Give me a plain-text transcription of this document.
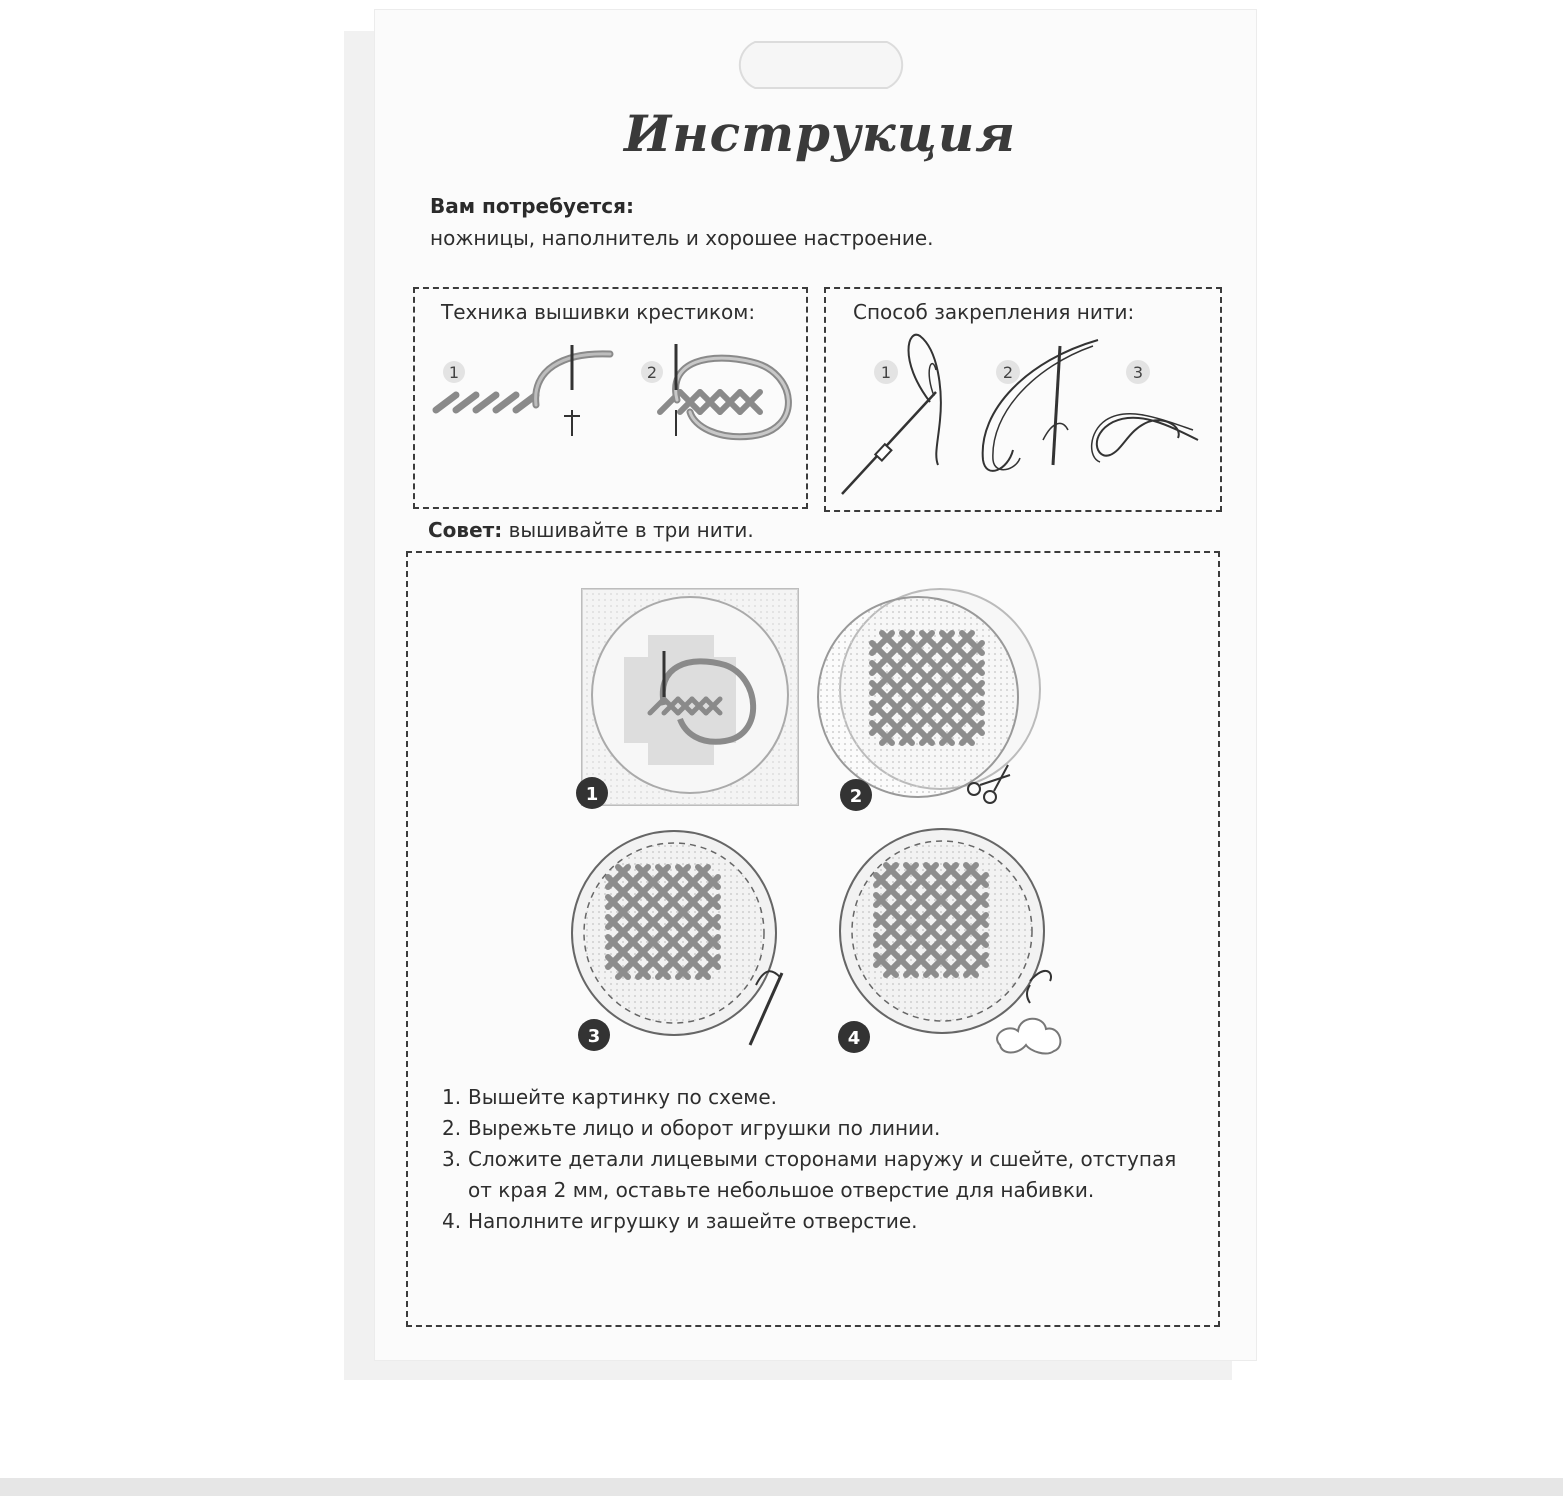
Инструкция
Вам потребуется:
ножницы, наполнитель и хорошее настроение.
Техника вышивки крестиком:
1	2
Способ закрепления нити:
1	2	3
Совет: вышивайте в три нити.
1	2
3	4
1. Вышейте картинку по схеме.
2. Вырежьте лицо и оборот игрушки по линии.
3. Сложите детали лицевыми сторонами наружу и сшейте, отступая от края 2 мм, оставьте небольшое отверстие для набивки.
4. Наполните игрушку и зашейте отверстие.
